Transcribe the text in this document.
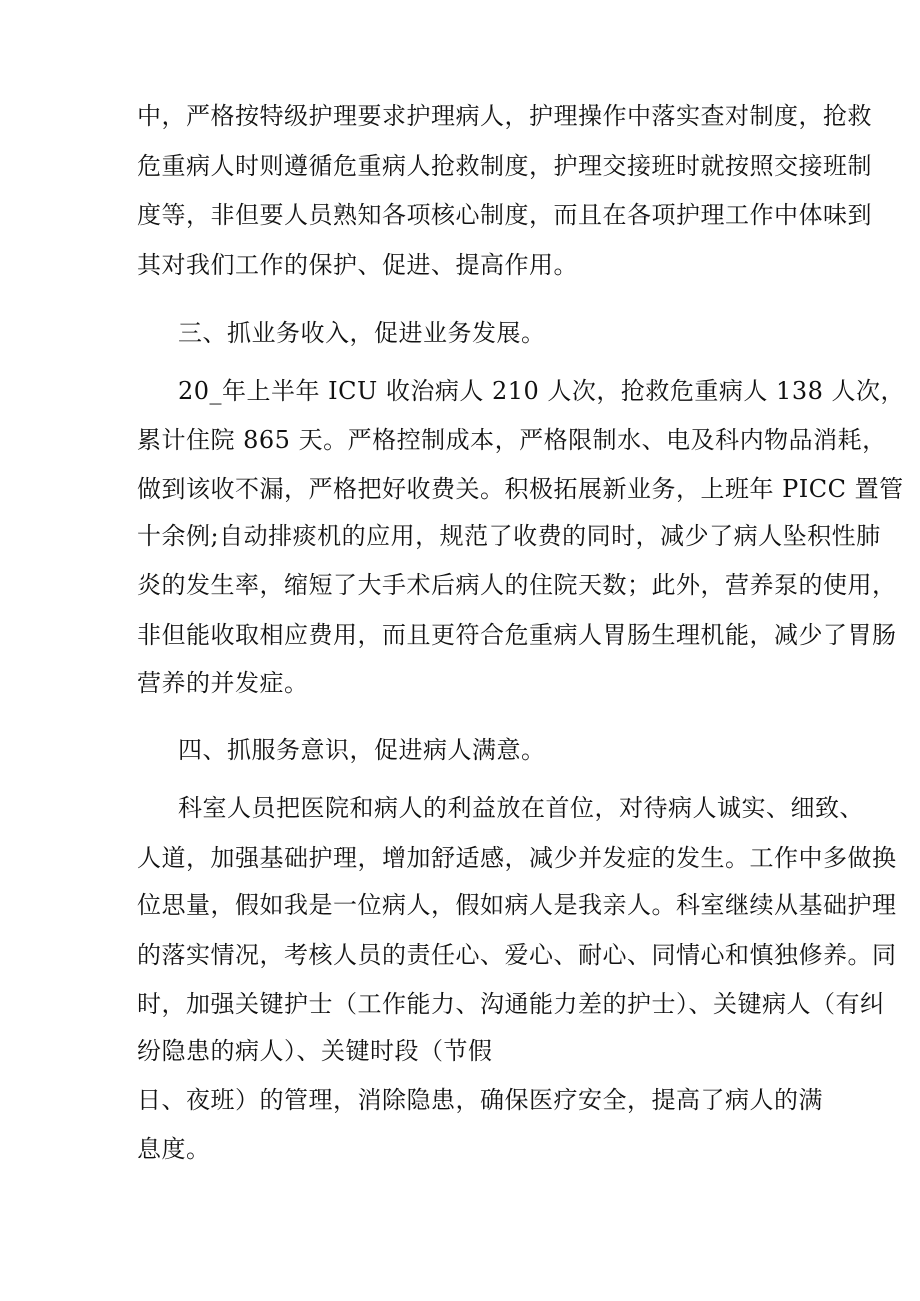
中，严格按特级护理要求护理病人，护理操作中落实查对制度，抢救
危重病人时则遵循危重病人抢救制度，护理交接班时就按照交接班制
度等，非但要人员熟知各项核心制度，而且在各项护理工作中体味到
其对我们工作的保护、促进、提高作用。
三、抓业务收入，促进业务发展。
20_年上半年 ICU 收治病人 210 人次，抢救危重病人 138 人次，
累计住院 865 天。严格控制成本，严格限制水、电及科内物品消耗，
做到该收不漏，严格把好收费关。积极拓展新业务，上班年 PICC 置管
十余例;自动排痰机的应用，规范了收费的同时，减少了病人坠积性肺
炎的发生率，缩短了大手术后病人的住院天数；此外，营养泵的使用，
非但能收取相应费用，而且更符合危重病人胃肠生理机能，减少了胃肠
营养的并发症。
四、抓服务意识，促进病人满意。
科室人员把医院和病人的利益放在首位，对待病人诚实、细致、
人道，加强基础护理，增加舒适感，减少并发症的发生。工作中多做换
位思量，假如我是一位病人，假如病人是我亲人。科室继续从基础护理
的落实情况，考核人员的责任心、爱心、耐心、同情心和慎独修养。同
时，加强关键护士（工作能力、沟通能力差的护士）、关键病人（有纠
纷隐患的病人）、关键时段（节假
日、夜班）的管理，消除隐患，确保医疗安全，提高了病人的满
息度。
